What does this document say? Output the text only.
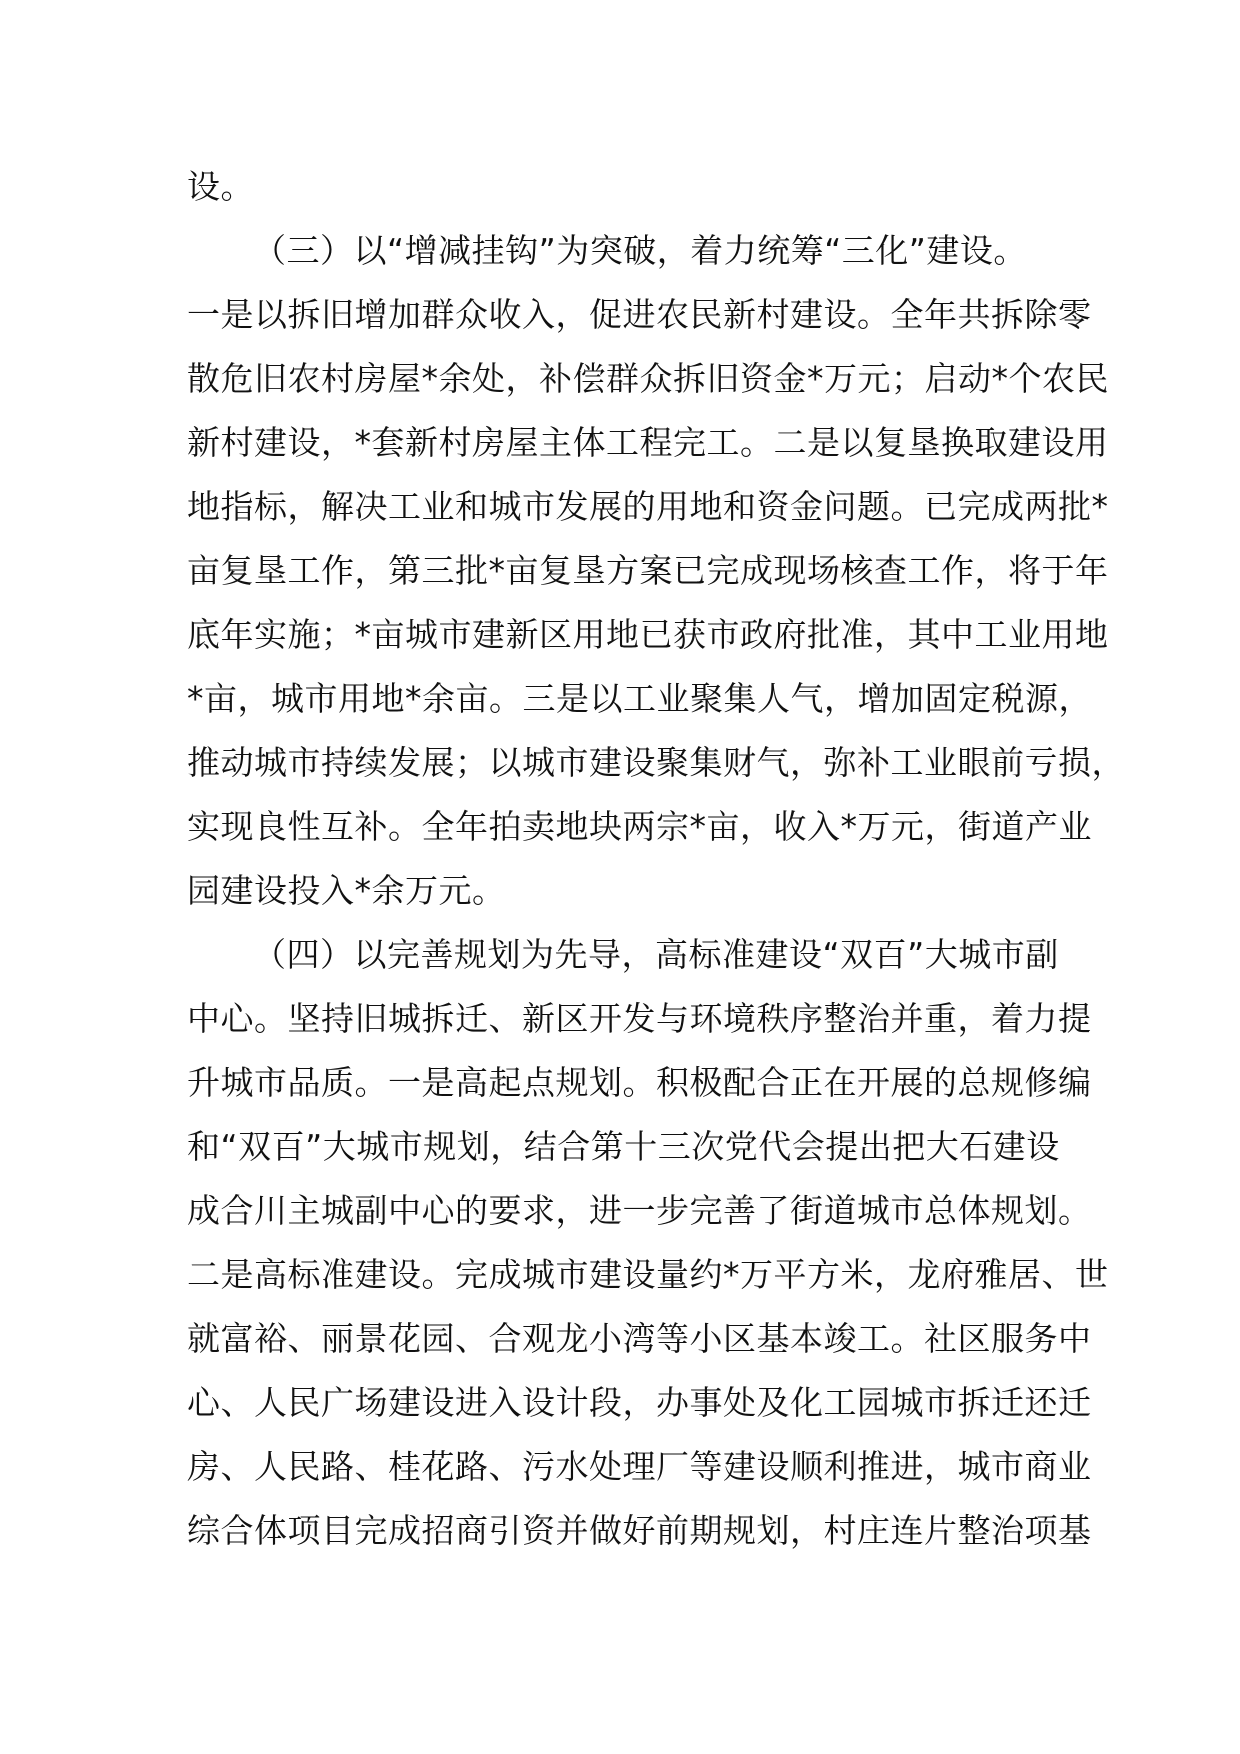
设。
（三）以“增减挂钩”为突破，着力统筹“三化”建设。
一是以拆旧增加群众收入，促进农民新村建设。全年共拆除零
散危旧农村房屋*余处，补偿群众拆旧资金*万元；启动*个农民
新村建设，*套新村房屋主体工程完工。二是以复垦换取建设用
地指标，解决工业和城市发展的用地和资金问题。已完成两批*
亩复垦工作，第三批*亩复垦方案已完成现场核查工作，将于年
底年实施；*亩城市建新区用地已获市政府批准，其中工业用地
*亩，城市用地*余亩。三是以工业聚集人气，增加固定税源，
推动城市持续发展；以城市建设聚集财气，弥补工业眼前亏损，
实现良性互补。全年拍卖地块两宗*亩，收入*万元，街道产业
园建设投入*余万元。
（四）以完善规划为先导，高标准建设“双百”大城市副
中心。坚持旧城拆迁、新区开发与环境秩序整治并重，着力提
升城市品质。一是高起点规划。积极配合正在开展的总规修编
和“双百”大城市规划，结合第十三次党代会提出把大石建设
成合川主城副中心的要求，进一步完善了街道城市总体规划。
二是高标准建设。完成城市建设量约*万平方米，龙府雅居、世
就富裕、丽景花园、合观龙小湾等小区基本竣工。社区服务中
心、人民广场建设进入设计段，办事处及化工园城市拆迁还迁
房、人民路、桂花路、污水处理厂等建设顺利推进，城市商业
综合体项目完成招商引资并做好前期规划，村庄连片整治项基
